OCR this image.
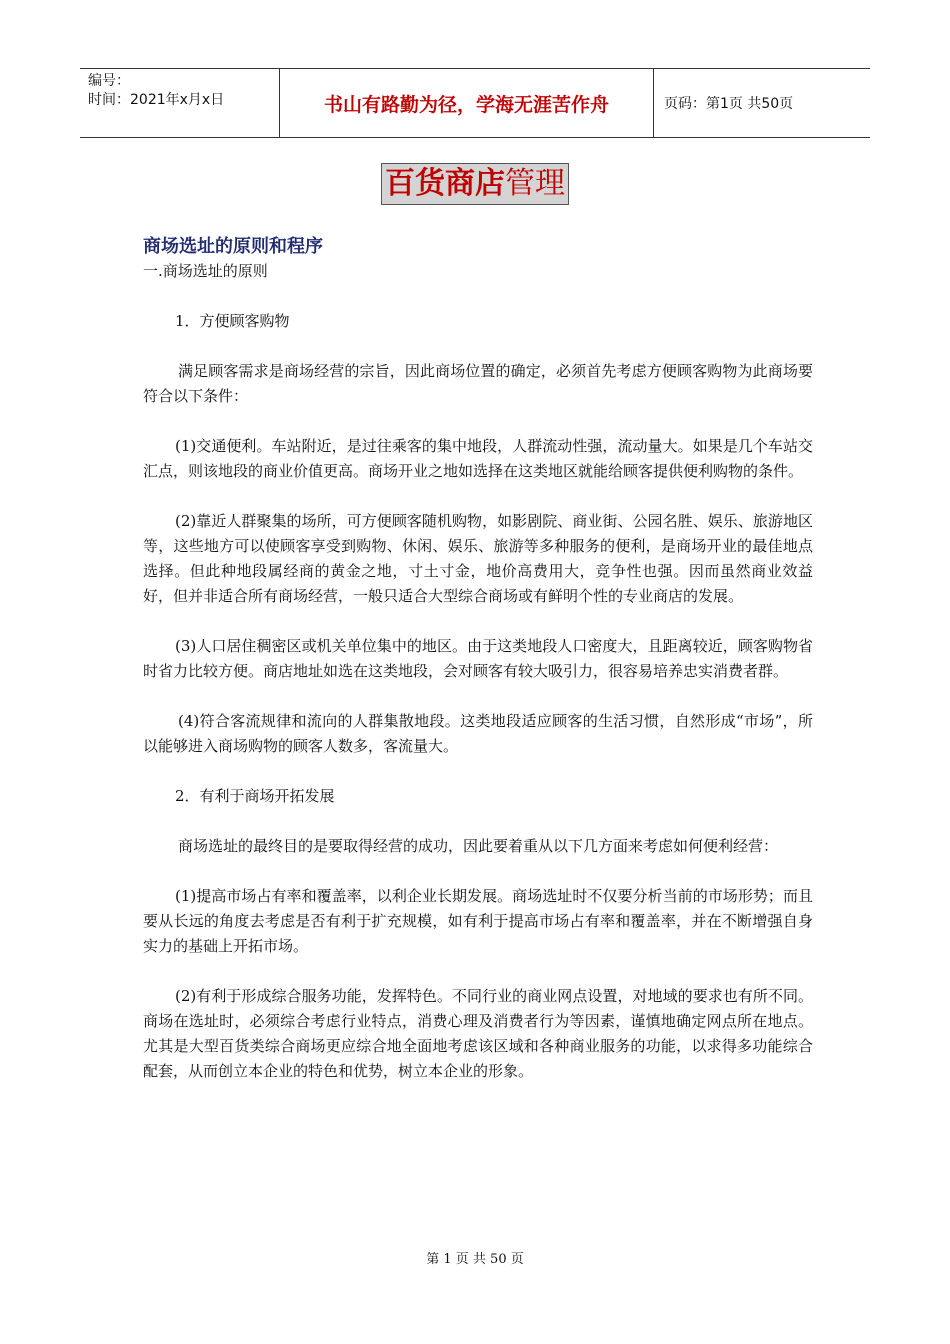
编号：
时间：2021年x月x日	书山有路勤为径，学海无涯苦作舟	页码：第1页 共50页
百货商店管理
商场选址的原则和程序

一.商场选址的原则

1．方便顾客购物

满足顾客需求是商场经营的宗旨，因此商场位置的确定，必须首先考虑方便顾客购物为此商场要符合以下条件：

(1)交通便利。车站附近，是过往乘客的集中地段，人群流动性强，流动量大。如果是几个车站交汇点，则该地段的商业价值更高。商场开业之地如选择在这类地区就能给顾客提供便利购物的条件。

(2)靠近人群聚集的场所，可方便顾客随机购物，如影剧院、商业街、公园名胜、娱乐、旅游地区等，这些地方可以使顾客享受到购物、休闲、娱乐、旅游等多种服务的便利，是商场开业的最佳地点选择。但此种地段属经商的黄金之地，寸土寸金，地价高费用大，竞争性也强。因而虽然商业效益好，但并非适合所有商场经营，一般只适合大型综合商场或有鲜明个性的专业商店的发展。

(3)人口居住稠密区或机关单位集中的地区。由于这类地段人口密度大，且距离较近，顾客购物省时省力比较方便。商店地址如选在这类地段，会对顾客有较大吸引力，很容易培养忠实消费者群。

(4)符合客流规律和流向的人群集散地段。这类地段适应顾客的生活习惯，自然形成“市场”，所以能够进入商场购物的顾客人数多，客流量大。

2．有利于商场开拓发展

商场选址的最终目的是要取得经营的成功，因此要着重从以下几方面来考虑如何便利经营：

(1)提高市场占有率和覆盖率，以利企业长期发展。商场选址时不仅要分析当前的市场形势；而且要从长远的角度去考虑是否有利于扩充规模，如有利于提高市场占有率和覆盖率，并在不断增强自身实力的基础上开拓市场。

(2)有利于形成综合服务功能，发挥特色。不同行业的商业网点设置，对地域的要求也有所不同。商场在选址时，必须综合考虑行业特点，消费心理及消费者行为等因素，谨慎地确定网点所在地点。尤其是大型百货类综合商场更应综合地全面地考虑该区域和各种商业服务的功能，以求得多功能综合配套，从而创立本企业的特色和优势，树立本企业的形象。

第 1 页 共 50 页
